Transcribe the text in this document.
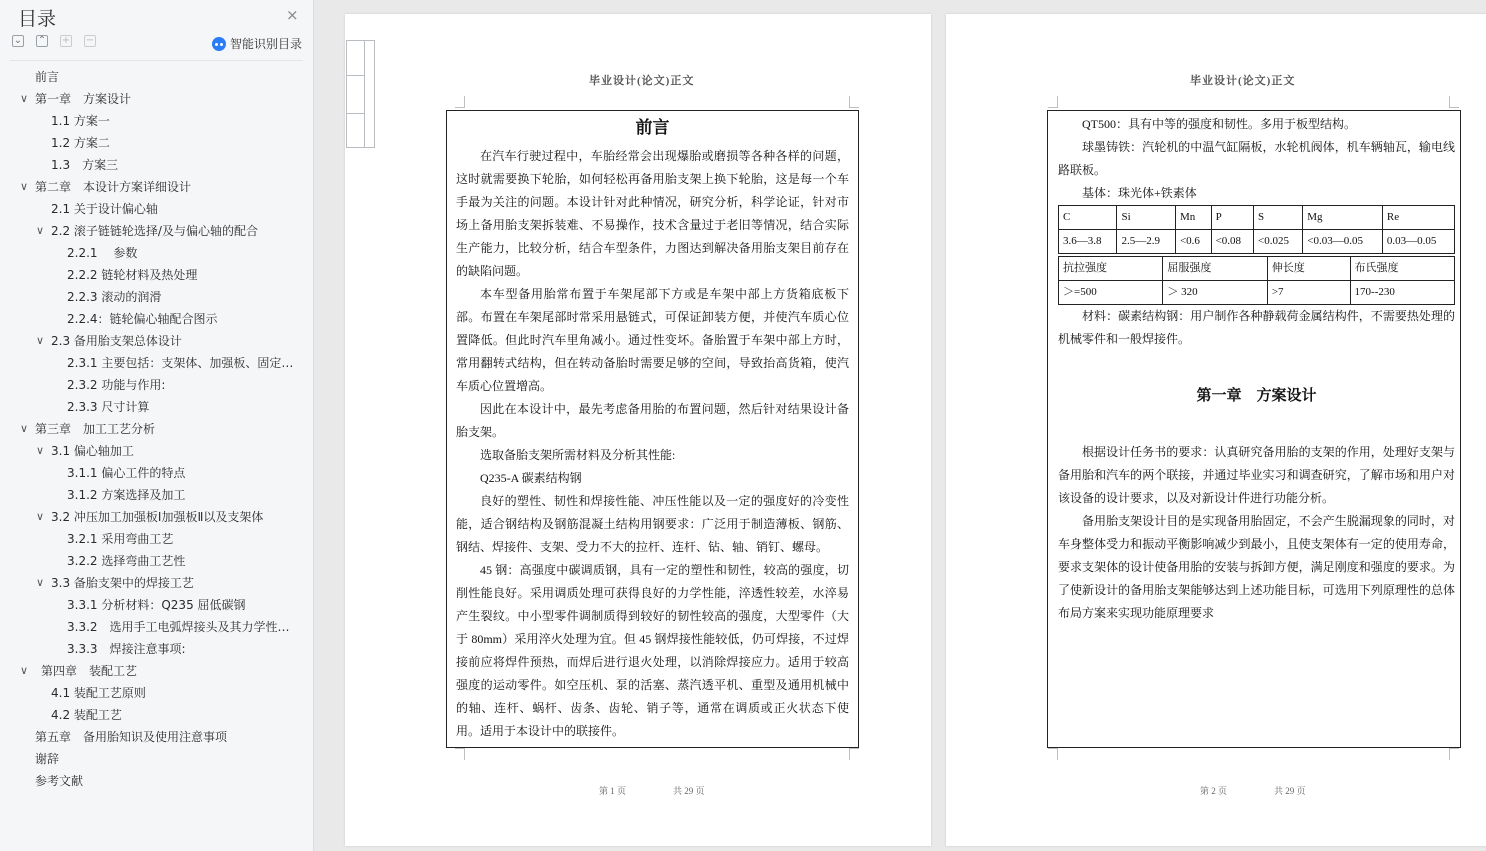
目录	×
⌄ ⌃ + −	智能识别目录
前言
∨ 第一章　方案设计
1.1 方案一
1.2 方案二
1.3　方案三
∨ 第二章　本设计方案详细设计
2.1 关于设计偏心轴
∨ 2.2 滚子链链轮选择/及与偏心轴的配合
2.2.1　 参数
2.2.2 链轮材料及热处理
2.2.3 滚动的润滑
2.2.4：链轮偏心轴配合图示
∨ 2.3 备用胎支架总体设计
2.3.1 主要包括：支架体、加强板、固定…
2.3.2 功能与作用:
2.3.3 尺寸计算
∨ 第三章　加工工艺分析
∨ 3.1 偏心轴加工
3.1.1 偏心工件的特点
3.1.2 方案选择及加工
∨ 3.2 冲压加工加强板Ⅰ加强板Ⅱ以及支架体
3.2.1 采用弯曲工艺
3.2.2 选择弯曲工艺性
∨ 3.3 备胎支架中的焊接工艺
3.3.1 分析材料：Q235 屈低碳钢
3.3.2　选用手工电弧焊接头及其力学性…
3.3.3　焊接注意事项:
∨ 第四章　装配工艺
4.1 装配工艺原则
4.2 装配工艺
第五章　备用胎知识及使用注意事项
谢辞
参考文献
毕业设计(论文)正文
前言

在汽车行驶过程中，车胎经常会出现爆胎或磨损等各种各样的问题，这时就需要换下轮胎，如何轻松再备用胎支架上换下轮胎，这是每一个车手最为关注的问题。本设计针对此种情况，研究分析，科学论证，针对市场上备用胎支架拆装难、不易操作，技术含量过于老旧等情况，结合实际生产能力，比较分析，结合车型条件，力图达到解决备用胎支架目前存在的缺陷问题。

本车型备用胎常布置于车架尾部下方或是车架中部上方货箱底板下部。布置在车架尾部时常采用悬链式，可保证卸装方便，并使汽车质心位置降低。但此时汽车里角减小。通过性变坏。备胎置于车架中部上方时，常用翻转式结构，但在转动备胎时需要足够的空间，导致抬高货箱，使汽车质心位置增高。

因此在本设计中，最先考虑备用胎的布置问题，然后针对结果设计备胎支架。

选取备胎支架所需材料及分析其性能:

Q235-A 碳素结构钢

良好的塑性、韧性和焊接性能、冲压性能以及一定的强度好的冷变性能，适合钢结构及钢筋混凝土结构用钢要求：广泛用于制造薄板、钢筋、钢结、焊接件、支架、受力不大的拉杆、连杆、钻、轴、销钉、螺母。

45 钢：高强度中碳调质钢，具有一定的塑性和韧性，较高的强度，切削性能良好。采用调质处理可获得良好的力学性能，淬透性较差，水淬易产生裂纹。中小型零件调制质得到较好的韧性较高的强度，大型零件（大于 80mm）采用淬火处理为宜。但 45 钢焊接性能较低，仍可焊接，不过焊接前应将焊件预热，而焊后进行退火处理，以消除焊接应力。适用于较高强度的运动零件。如空压机、泵的活塞、蒸汽透平机、重型及通用机械中的轴、连杆、蜗杆、齿条、齿轮、销子等，通常在调质或正火状态下使用。适用于本设计中的联接件。

第 1 页	共 29 页
毕业设计(论文)正文

QT500：具有中等的强度和韧性。多用于板型结构。

球墨铸铁：汽轮机的中温气缸隔板，水轮机阀体，机车辆轴瓦，输电线路联板。

基体：珠光体+铁素体

C	Si	Mn	P	S	Mg	Re
3.6—3.8	2.5—2.9	<0.6	<0.08	<0.025	<0.03—0.05	0.03—0.05
抗拉强度	屈服强度	伸长度	布氏强度
＞=500	＞ 320	>7	170--230

材料：碳素结构钢：用户制作各种静载荷金属结构件，不需要热处理的机械零件和一般焊接件。

第一章　方案设计

根据设计任务书的要求：认真研究备用胎的支架的作用，处理好支架与备用胎和汽车的两个联接，并通过毕业实习和调查研究，了解市场和用户对该设备的设计要求，以及对新设计件进行功能分析。

备用胎支架设计目的是实现备用胎固定，不会产生脱漏现象的同时，对车身整体受力和振动平衡影响减少到最小，且使支架体有一定的使用寿命，要求支架体的设计使备用胎的安装与拆卸方便，满足刚度和强度的要求。为了使新设计的备用胎支架能够达到上述功能目标，可选用下列原理性的总体布局方案来实现功能原理要求

第 2 页	共 29 页
